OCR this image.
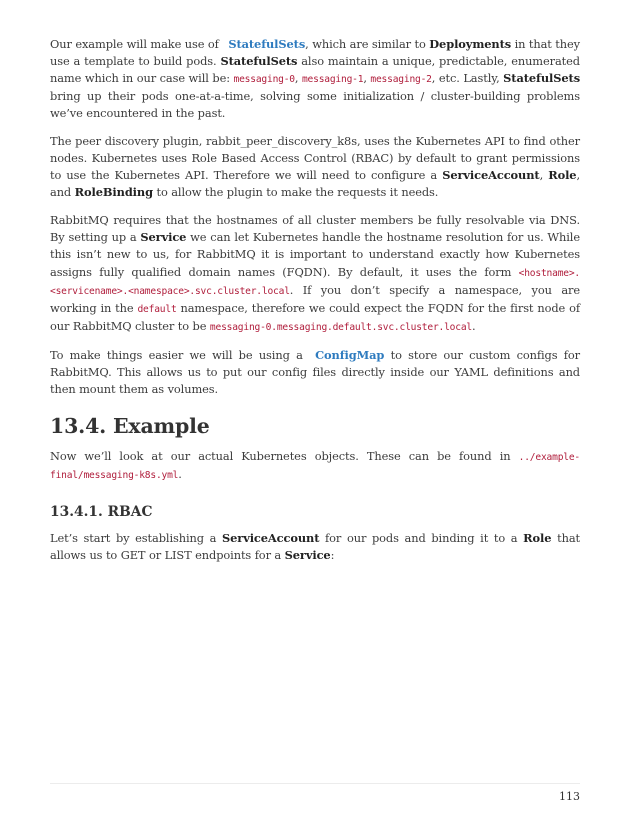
Our example will make use of StatefulSets, which are similar to Deployments in that they use a template to build pods. StatefulSets also maintain a unique, predictable, enumerated name which in our case will be: messaging-0, messaging-1, messaging-2, etc. Lastly, StatefulSets bring up their pods one-at-a-time, solving some initialization / cluster-building problems we’ve encountered in the past.

The peer discovery plugin, rabbit_peer_discovery_k8s, uses the Kubernetes API to find other nodes. Kubernetes uses Role Based Access Control (RBAC) by default to grant permissions to use the Kubernetes API. Therefore we will need to configure a ServiceAccount, Role, and RoleBinding to allow the plugin to make the requests it needs.

RabbitMQ requires that the hostnames of all cluster members be fully resolvable via DNS. By setting up a Service we can let Kubernetes handle the hostname resolution for us. While this isn’t new to us, for RabbitMQ it is important to understand exactly how Kubernetes assigns fully qualified domain names (FQDN). By default, it uses the form <hostname>.<servicename>.<namespace>.svc.cluster.local. If you don’t specify a namespace, you are working in the default namespace, therefore we could expect the FQDN for the first node of our RabbitMQ cluster to be messaging-0.messaging.default.svc.cluster.local.

To make things easier we will be using a ConfigMap to store our custom configs for RabbitMQ. This allows us to put our config files directly inside our YAML definitions and then mount them as volumes.

13.4. Example

Now we’ll look at our actual Kubernetes objects. These can be found in ../example-final/messaging-k8s.yml.

13.4.1. RBAC

Let’s start by establishing a ServiceAccount for our pods and binding it to a Role that allows us to GET or LIST endpoints for a Service:

113
